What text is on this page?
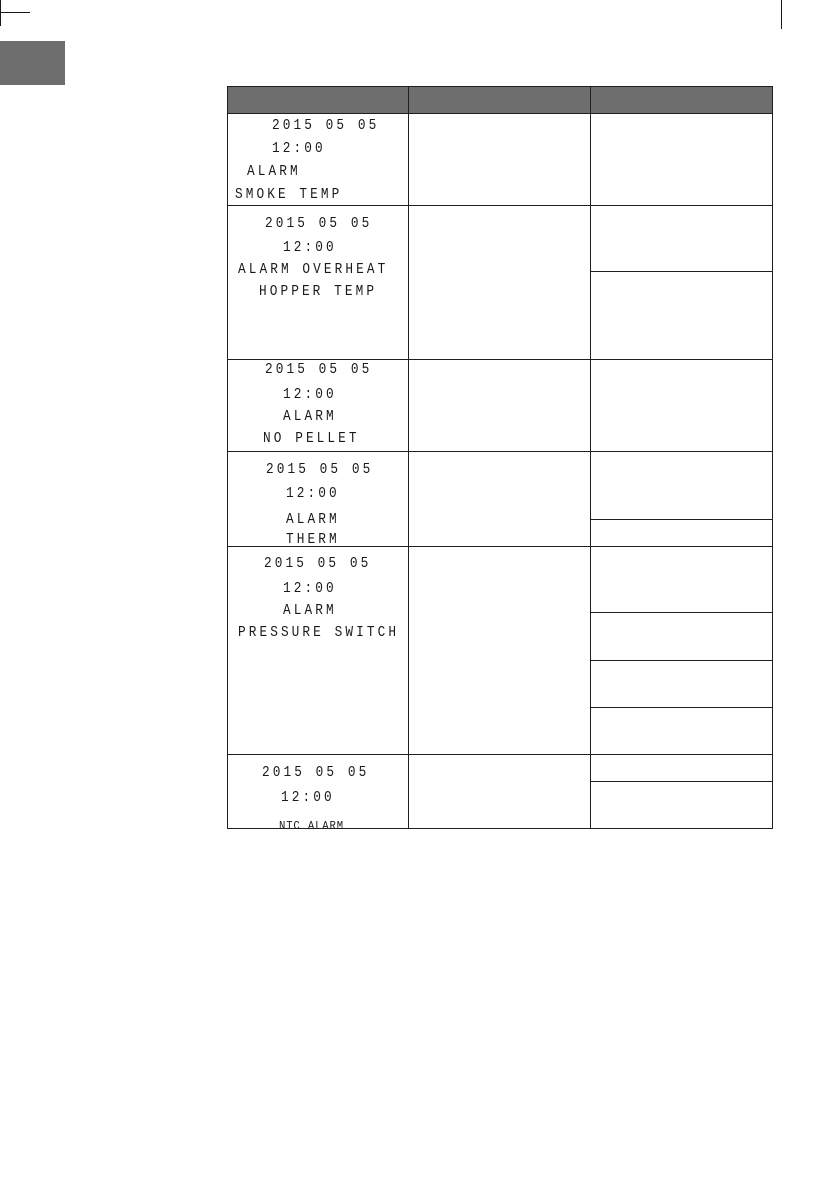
2015 05 05
12:00
ALARM
SMOKE TEMP		

2015 05 05
12:00
ALARM OVERHEAT
HOPPER TEMP		

2015 05 05
12:00
ALARM
NO PELLET		

2015 05 05
12:00
ALARM
THERM		

2015 05 05
12:00
ALARM
PRESSURE SWITCH		

2015 05 05
12:00
NTC ALARM		
